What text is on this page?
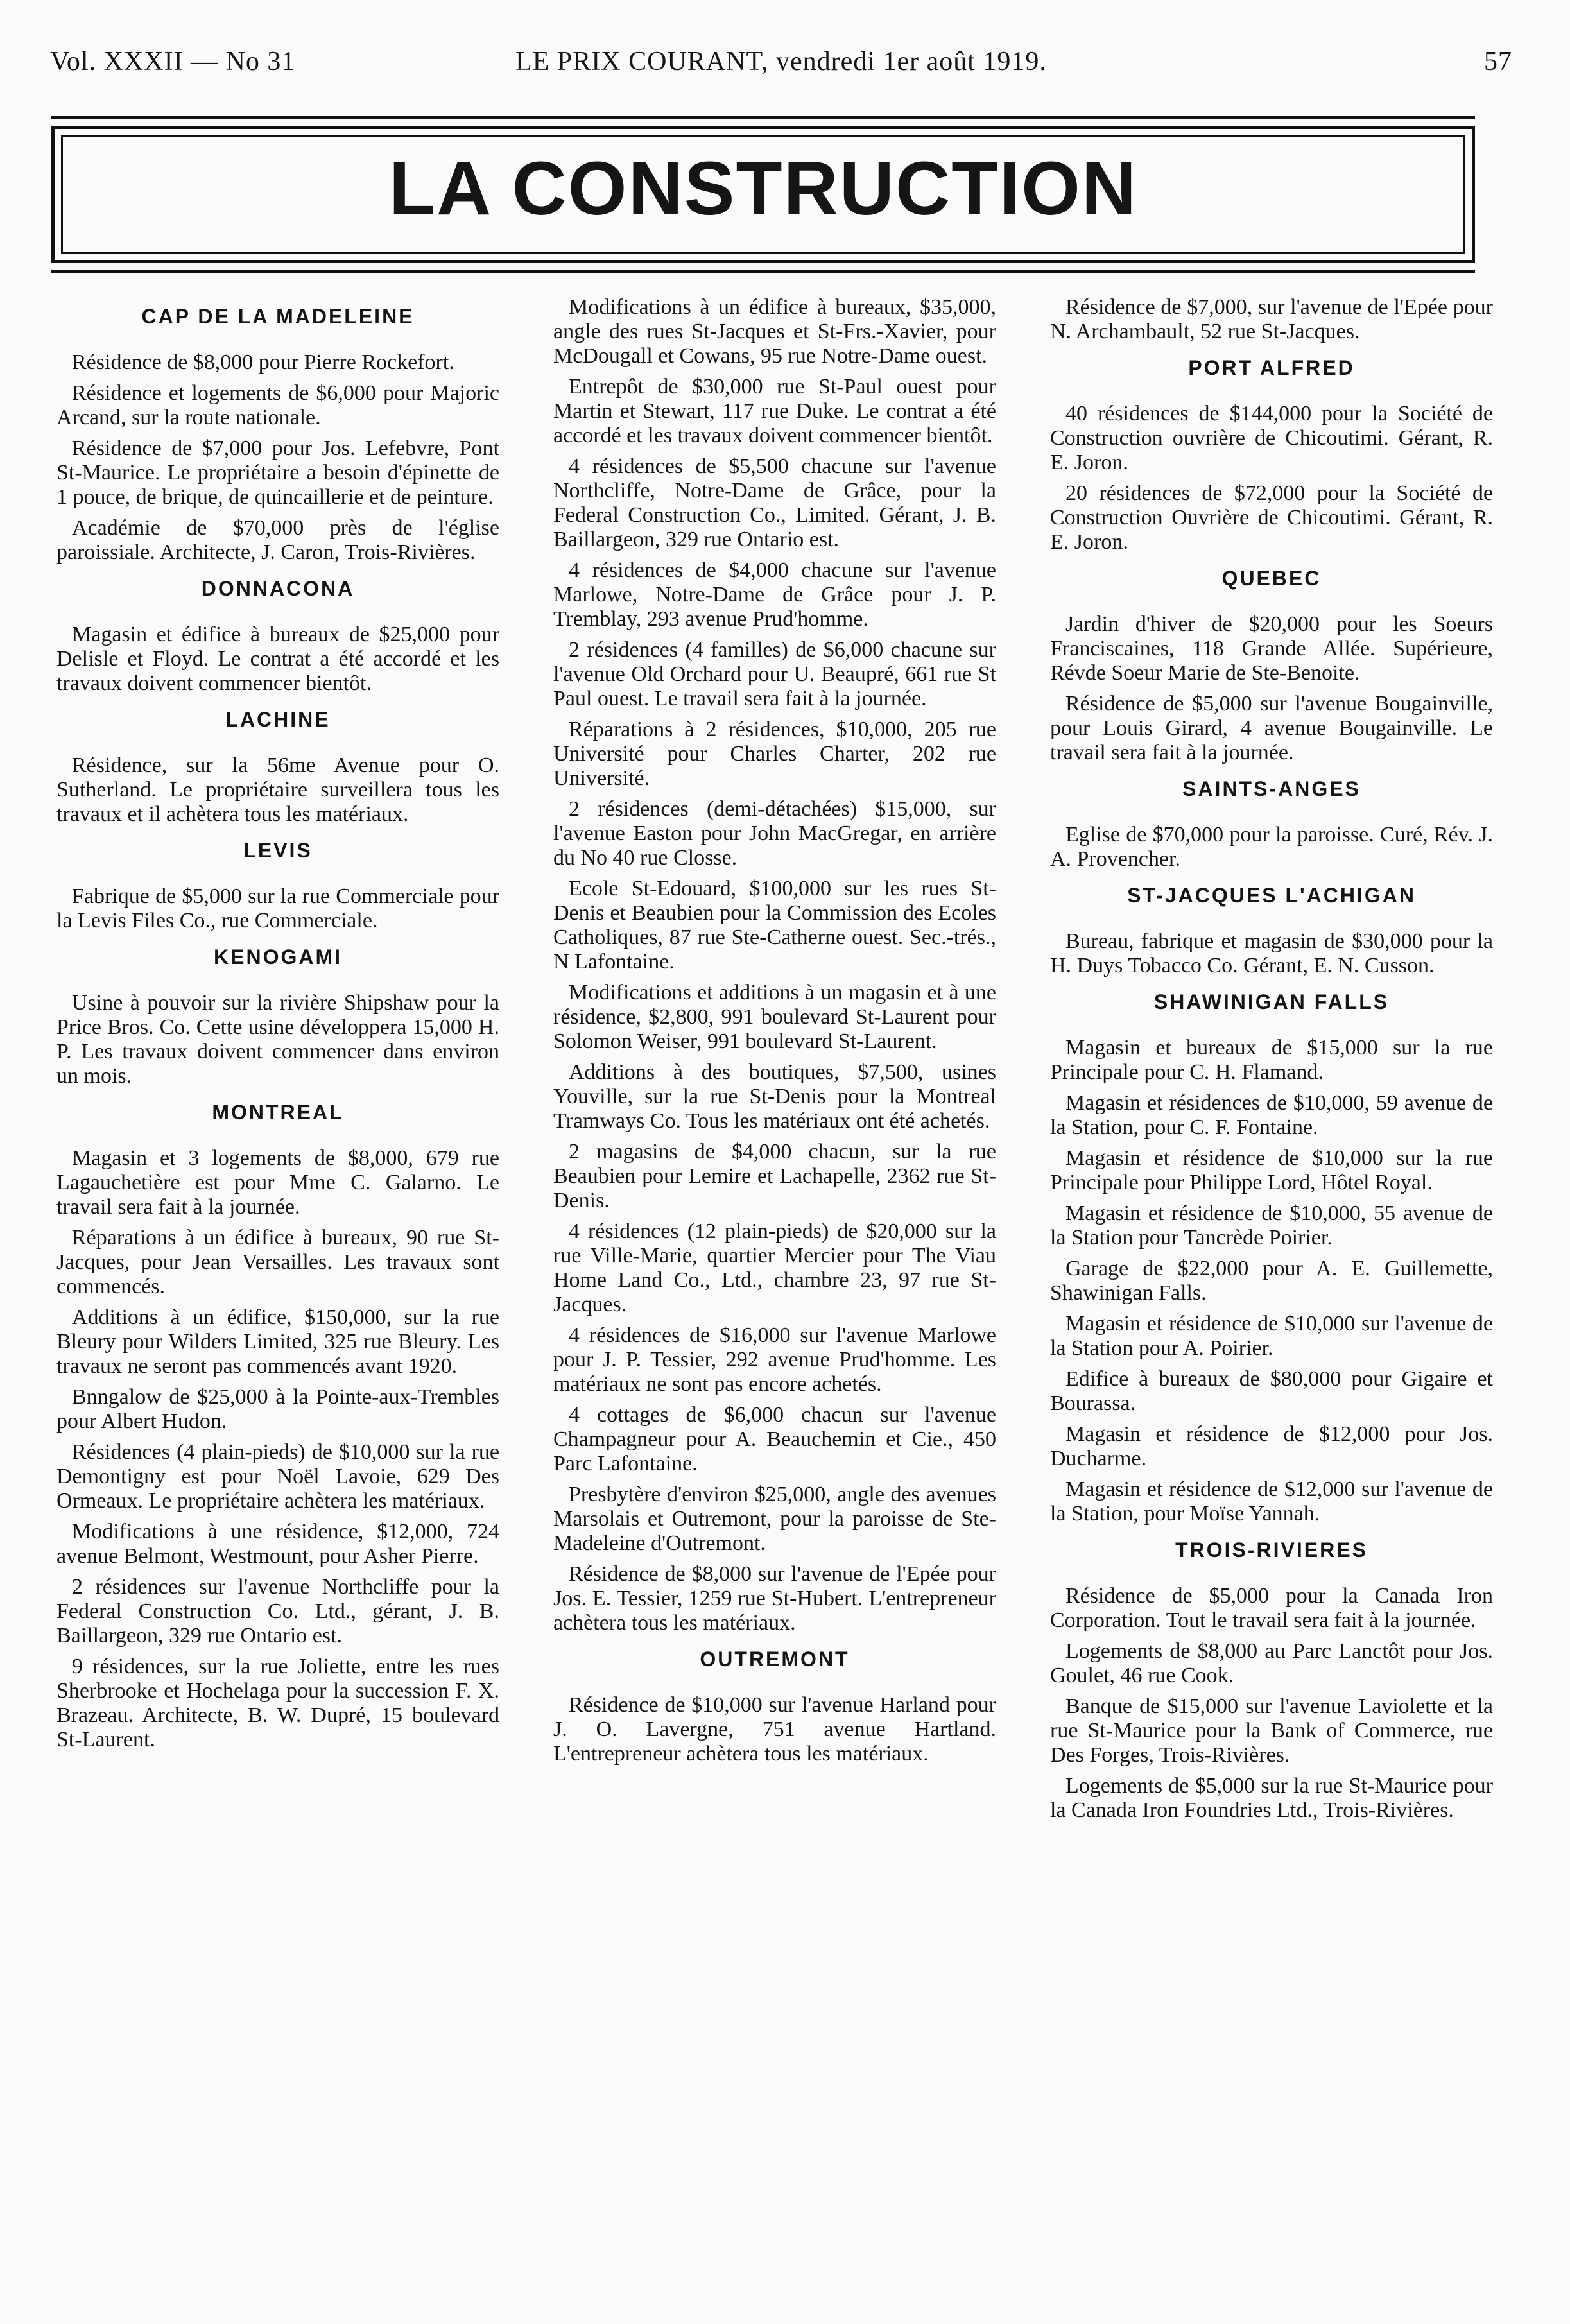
Vol. XXXII — No 31	LE PRIX COURANT, vendredi 1er août 1919.	57
LA CONSTRUCTION
CAP DE LA MADELEINE

Résidence de $8,000 pour Pierre Rockefort.

Résidence et logements de $6,000 pour Majoric Arcand, sur la route nationale.

Résidence de $7,000 pour Jos. Lefebvre, Pont St-Maurice. Le propriétaire a besoin d'épinette de 1 pouce, de brique, de quincaillerie et de peinture.

Académie de $70,000 près de l'église paroissiale. Architecte, J. Caron, Trois-Rivières.

DONNACONA

Magasin et édifice à bureaux de $25,000 pour Delisle et Floyd. Le contrat a été accordé et les travaux doivent commencer bientôt.

LACHINE

Résidence, sur la 56me Avenue pour O. Sutherland. Le propriétaire surveillera tous les travaux et il achètera tous les matériaux.

LEVIS

Fabrique de $5,000 sur la rue Commerciale pour la Levis Files Co., rue Commerciale.

KENOGAMI

Usine à pouvoir sur la rivière Shipshaw pour la Price Bros. Co. Cette usine développera 15,000 H. P. Les travaux doivent commencer dans environ un mois.

MONTREAL

Magasin et 3 logements de $8,000, 679 rue Lagauchetière est pour Mme C. Galarno. Le travail sera fait à la journée.

Réparations à un édifice à bureaux, 90 rue St-Jacques, pour Jean Versailles. Les travaux sont commencés.

Additions à un édifice, $150,000, sur la rue Bleury pour Wilders Limited, 325 rue Bleury. Les travaux ne seront pas commencés avant 1920.

Bnngalow de $25,000 à la Pointe-aux-Trembles pour Albert Hudon.

Résidences (4 plain-pieds) de $10,000 sur la rue Demontigny est pour Noël Lavoie, 629 Des Ormeaux. Le propriétaire achètera les matériaux.

Modifications à une résidence, $12,000, 724 avenue Belmont, Westmount, pour Asher Pierre.

2 résidences sur l'avenue Northcliffe pour la Federal Construction Co. Ltd., gérant, J. B. Baillargeon, 329 rue Ontario est.

9 résidences, sur la rue Joliette, entre les rues Sherbrooke et Hochelaga pour la succession F. X. Brazeau. Architecte, B. W. Dupré, 15 boulevard St-Laurent.

Modifications à un édifice à bureaux, $35,000, angle des rues St-Jacques et St-Frs.-Xavier, pour McDougall et Cowans, 95 rue Notre-Dame ouest.

Entrepôt de $30,000 rue St-Paul ouest pour Martin et Stewart, 117 rue Duke. Le contrat a été accordé et les travaux doivent commencer bientôt.

4 résidences de $5,500 chacune sur l'avenue Northcliffe, Notre-Dame de Grâce, pour la Federal Construction Co., Limited. Gérant, J. B. Baillargeon, 329 rue Ontario est.

4 résidences de $4,000 chacune sur l'avenue Marlowe, Notre-Dame de Grâce pour J. P. Tremblay, 293 avenue Prud'homme.

2 résidences (4 familles) de $6,000 chacune sur l'avenue Old Orchard pour U. Beaupré, 661 rue St Paul ouest. Le travail sera fait à la journée.

Réparations à 2 résidences, $10,000, 205 rue Université pour Charles Charter, 202 rue Université.

2 résidences (demi-détachées) $15,000, sur l'avenue Easton pour John MacGregar, en arrière du No 40 rue Closse.

Ecole St-Edouard, $100,000 sur les rues St-Denis et Beaubien pour la Commission des Ecoles Catholiques, 87 rue Ste-Catherne ouest. Sec.-trés., N Lafontaine.

Modifications et additions à un magasin et à une résidence, $2,800, 991 boulevard St-Laurent pour Solomon Weiser, 991 boulevard St-Laurent.

Additions à des boutiques, $7,500, usines Youville, sur la rue St-Denis pour la Montreal Tramways Co. Tous les matériaux ont été achetés.

2 magasins de $4,000 chacun, sur la rue Beaubien pour Lemire et Lachapelle, 2362 rue St-Denis.

4 résidences (12 plain-pieds) de $20,000 sur la rue Ville-Marie, quartier Mercier pour The Viau Home Land Co., Ltd., chambre 23, 97 rue St-Jacques.

4 résidences de $16,000 sur l'avenue Marlowe pour J. P. Tessier, 292 avenue Prud'homme. Les matériaux ne sont pas encore achetés.

4 cottages de $6,000 chacun sur l'avenue Champagneur pour A. Beauchemin et Cie., 450 Parc Lafontaine.

Presbytère d'environ $25,000, angle des avenues Marsolais et Outremont, pour la paroisse de Ste-Madeleine d'Outremont.

Résidence de $8,000 sur l'avenue de l'Epée pour Jos. E. Tessier, 1259 rue St-Hubert. L'entrepreneur achètera tous les matériaux.

OUTREMONT

Résidence de $10,000 sur l'avenue Harland pour J. O. Lavergne, 751 avenue Hartland. L'entrepreneur achètera tous les matériaux.

Résidence de $7,000, sur l'avenue de l'Epée pour N. Archambault, 52 rue St-Jacques.

PORT ALFRED

40 résidences de $144,000 pour la Société de Construction ouvrière de Chicoutimi. Gérant, R. E. Joron.

20 résidences de $72,000 pour la Société de Construction Ouvrière de Chicoutimi. Gérant, R. E. Joron.

QUEBEC

Jardin d'hiver de $20,000 pour les Soeurs Franciscaines, 118 Grande Allée. Supérieure, Révde Soeur Marie de Ste-Benoite.

Résidence de $5,000 sur l'avenue Bougainville, pour Louis Girard, 4 avenue Bougainville. Le travail sera fait à la journée.

SAINTS-ANGES

Eglise de $70,000 pour la paroisse. Curé, Rév. J. A. Provencher.

ST-JACQUES L'ACHIGAN

Bureau, fabrique et magasin de $30,000 pour la H. Duys Tobacco Co. Gérant, E. N. Cusson.

SHAWINIGAN FALLS

Magasin et bureaux de $15,000 sur la rue Principale pour C. H. Flamand.

Magasin et résidences de $10,000, 59 avenue de la Station, pour C. F. Fontaine.

Magasin et résidence de $10,000 sur la rue Principale pour Philippe Lord, Hôtel Royal.

Magasin et résidence de $10,000, 55 avenue de la Station pour Tancrède Poirier.

Garage de $22,000 pour A. E. Guillemette, Shawinigan Falls.

Magasin et résidence de $10,000 sur l'avenue de la Station pour A. Poirier.

Edifice à bureaux de $80,000 pour Gigaire et Bourassa.

Magasin et résidence de $12,000 pour Jos. Ducharme.

Magasin et résidence de $12,000 sur l'avenue de la Station, pour Moïse Yannah.

TROIS-RIVIERES

Résidence de $5,000 pour la Canada Iron Corporation. Tout le travail sera fait à la journée.

Logements de $8,000 au Parc Lanctôt pour Jos. Goulet, 46 rue Cook.

Banque de $15,000 sur l'avenue Laviolette et la rue St-Maurice pour la Bank of Commerce, rue Des Forges, Trois-Rivières.

Logements de $5,000 sur la rue St-Maurice pour la Canada Iron Foundries Ltd., Trois-Rivières.
